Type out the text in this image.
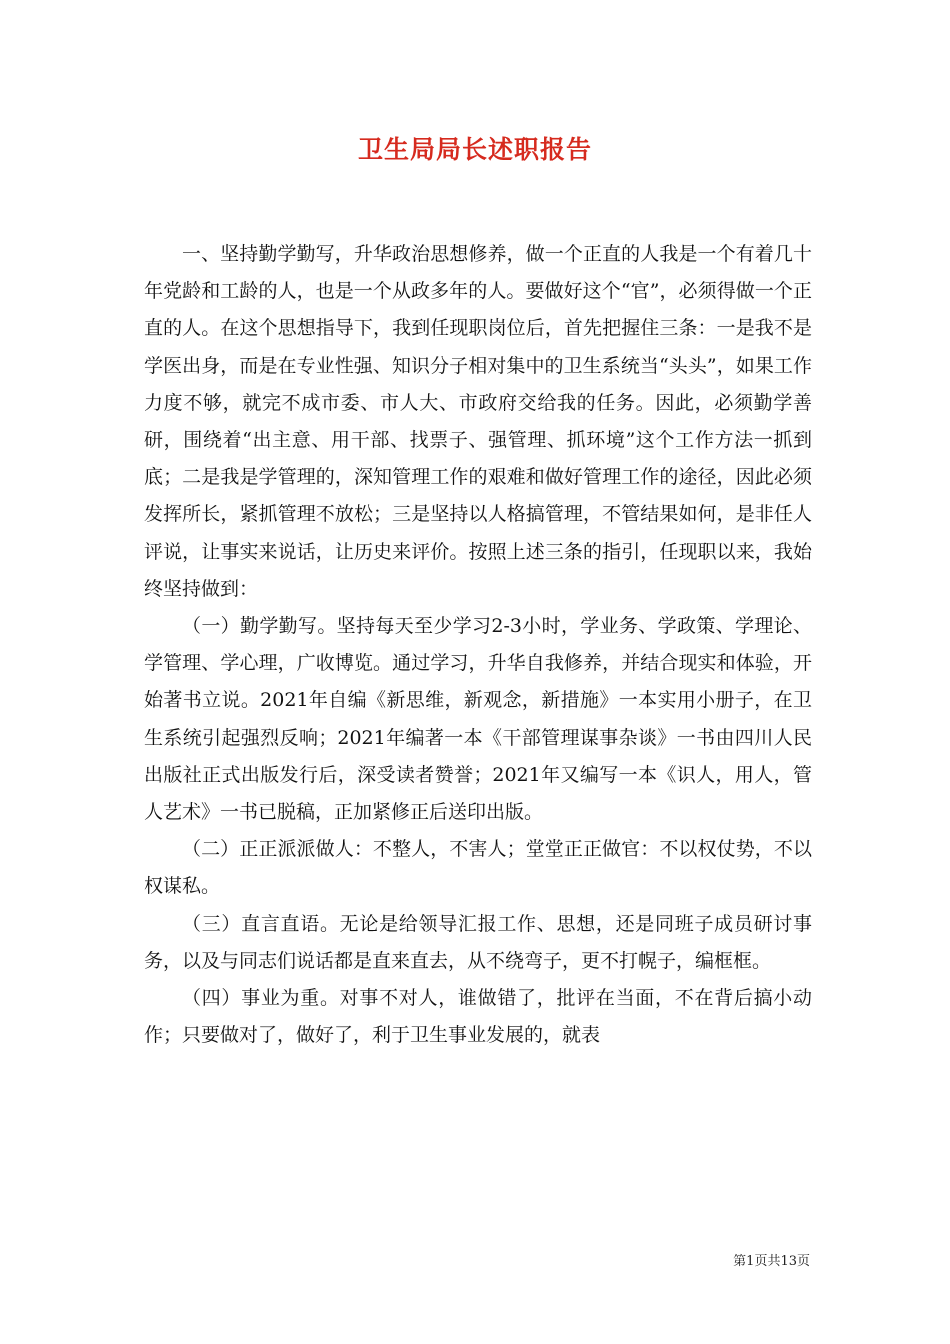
卫生局局长述职报告

一、坚持勤学勤写，升华政治思想修养，做一个正直的人我是一个有着几十年党龄和工龄的人，也是一个从政多年的人。要做好这个“官”，必须得做一个正直的人。在这个思想指导下，我到任现职岗位后，首先把握住三条：一是我不是学医出身，而是在专业性强、知识分子相对集中的卫生系统当“头头”，如果工作力度不够，就完不成市委、市人大、市政府交给我的任务。因此，必须勤学善研，围绕着“出主意、用干部、找票子、强管理、抓环境”这个工作方法一抓到底；二是我是学管理的，深知管理工作的艰难和做好管理工作的途径，因此必须发挥所长，紧抓管理不放松；三是坚持以人格搞管理，不管结果如何，是非任人评说，让事实来说话，让历史来评价。按照上述三条的指引，任现职以来，我始终坚持做到：

（一）勤学勤写。坚持每天至少学习2-3小时，学业务、学政策、学理论、学管理、学心理，广收博览。通过学习，升华自我修养，并结合现实和体验，开始著书立说。2021年自编《新思维，新观念，新措施》一本实用小册子，在卫生系统引起强烈反响；2021年编著一本《干部管理谋事杂谈》一书由四川人民出版社正式出版发行后，深受读者赞誉；2021年又编写一本《识人，用人，管人艺术》一书已脱稿，正加紧修正后送印出版。

（二）正正派派做人：不整人，不害人；堂堂正正做官：不以权仗势，不以权谋私。

（三）直言直语。无论是给领导汇报工作、思想，还是同班子成员研讨事务，以及与同志们说话都是直来直去，从不绕弯子，更不打幌子，编框框。

（四）事业为重。对事不对人，谁做错了，批评在当面，不在背后搞小动作；只要做对了，做好了，利于卫生事业发展的，就表

第1页共13页
